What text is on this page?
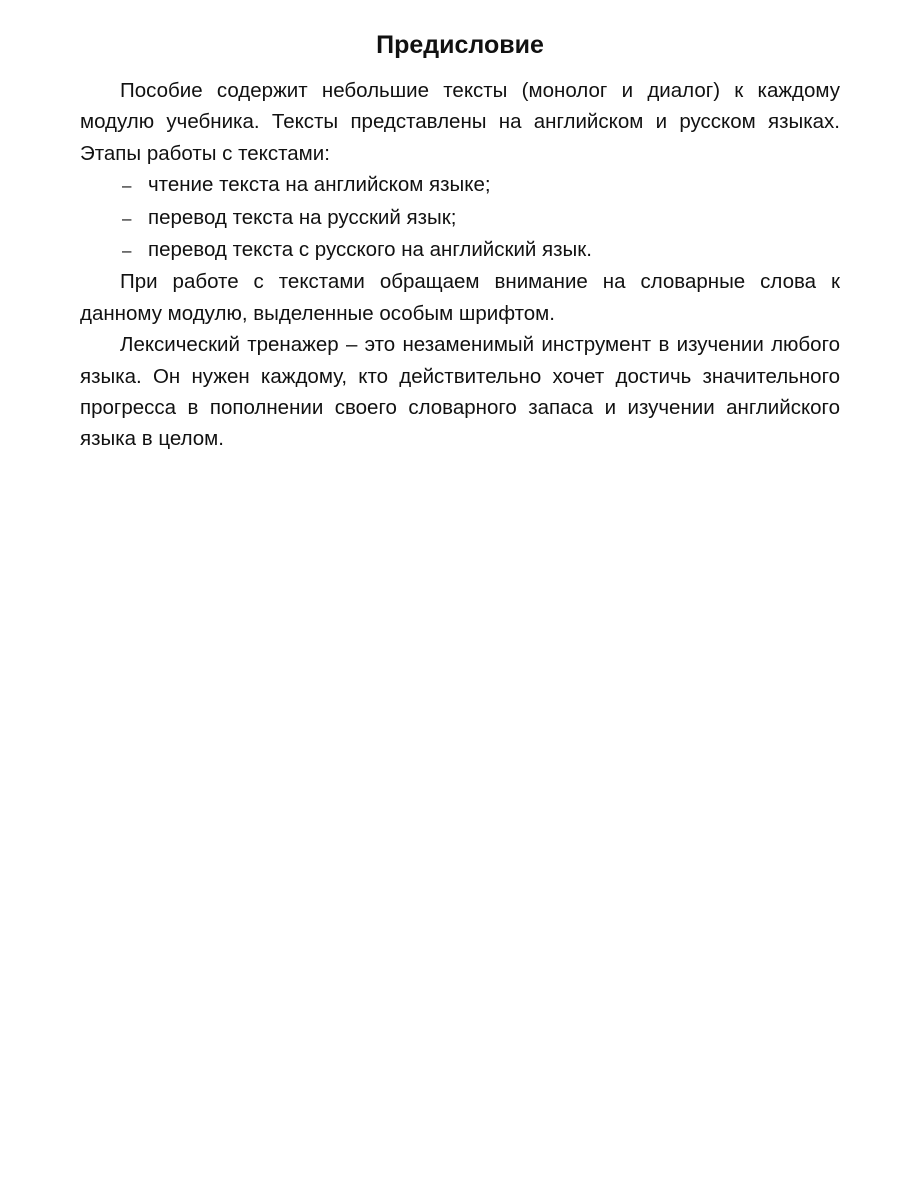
Предисловие

Пособие содержит небольшие тексты (монолог и диалог) к каждому модулю учебника. Тексты представлены на английском и русском языках. Этапы работы с текстами:

– чтение текста на английском языке;
– перевод текста на русский язык;
– перевод текста с русского на английский язык.

При работе с текстами обращаем внимание на словарные слова к данному модулю, выделенные особым шрифтом.

Лексический тренажер – это незаменимый инструмент в изучении любого языка. Он нужен каждому, кто действительно хочет достичь значительного прогресса в пополнении своего словарного запаса и изучении английского языка в целом.
